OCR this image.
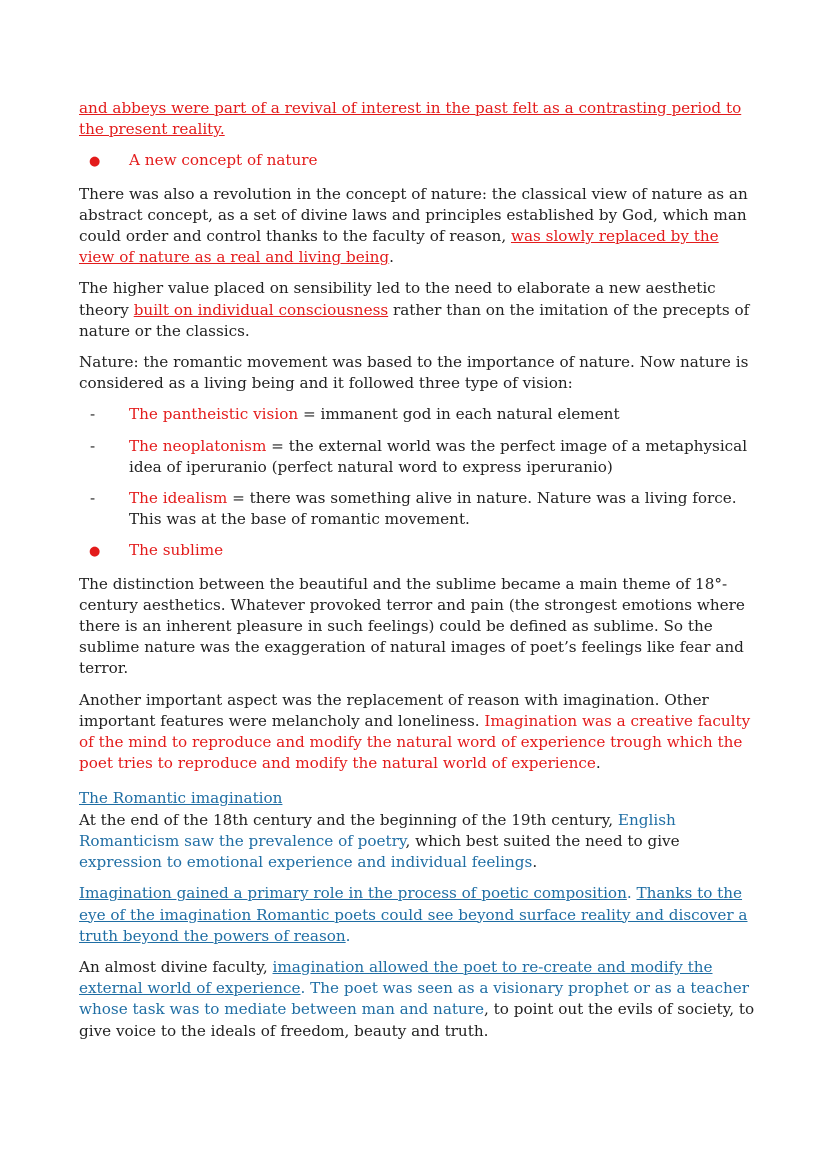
and abbeys were part of a revival of interest in the past felt as a contrasting period to the present reality.

●	A new concept of nature

There was also a revolution in the concept of nature: the classical view of nature as an abstract concept, as a set of divine laws and principles established by God, which man could order and control thanks to the faculty of reason, was slowly replaced by the view of nature as a real and living being.

The higher value placed on sensibility led to the need to elaborate a new aesthetic theory built on individual consciousness rather than on the imitation of the precepts of nature or the classics.

Nature: the romantic movement was based to the importance of nature. Now nature is considered as a living being and it followed three type of vision:

-	The pantheistic vision = immanent god in each natural element
-	The neoplatonism = the external world was the perfect image of a metaphysical idea of iperuranio (perfect natural word to express iperuranio)
-	The idealism = there was something alive in nature. Nature was a living force. This was at the base of romantic movement.
●	The sublime

The distinction between the beautiful and the sublime became a main theme of 18°-century aesthetics. Whatever provoked terror and pain (the strongest emotions where there is an inherent pleasure in such feelings) could be defined as sublime. So the sublime nature was the exaggeration of natural images of poet’s feelings like fear and terror.

Another important aspect was the replacement of reason with imagination. Other important features were melancholy and loneliness. Imagination was a creative faculty of the mind to reproduce and modify the natural word of experience trough which the poet tries to reproduce and modify the natural world of experience.

The Romantic imagination

At the end of the 18th century and the beginning of the 19th century, English Romanticism saw the prevalence of poetry, which best suited the need to give expression to emotional experience and individual feelings.

Imagination gained a primary role in the process of poetic composition. Thanks to the eye of the imagination Romantic poets could see beyond surface reality and discover a truth beyond the powers of reason.

An almost divine faculty, imagination allowed the poet to re-create and modify the external world of experience. The poet was seen as a visionary prophet or as a teacher whose task was to mediate between man and nature, to point out the evils of society, to give voice to the ideals of freedom, beauty and truth.
